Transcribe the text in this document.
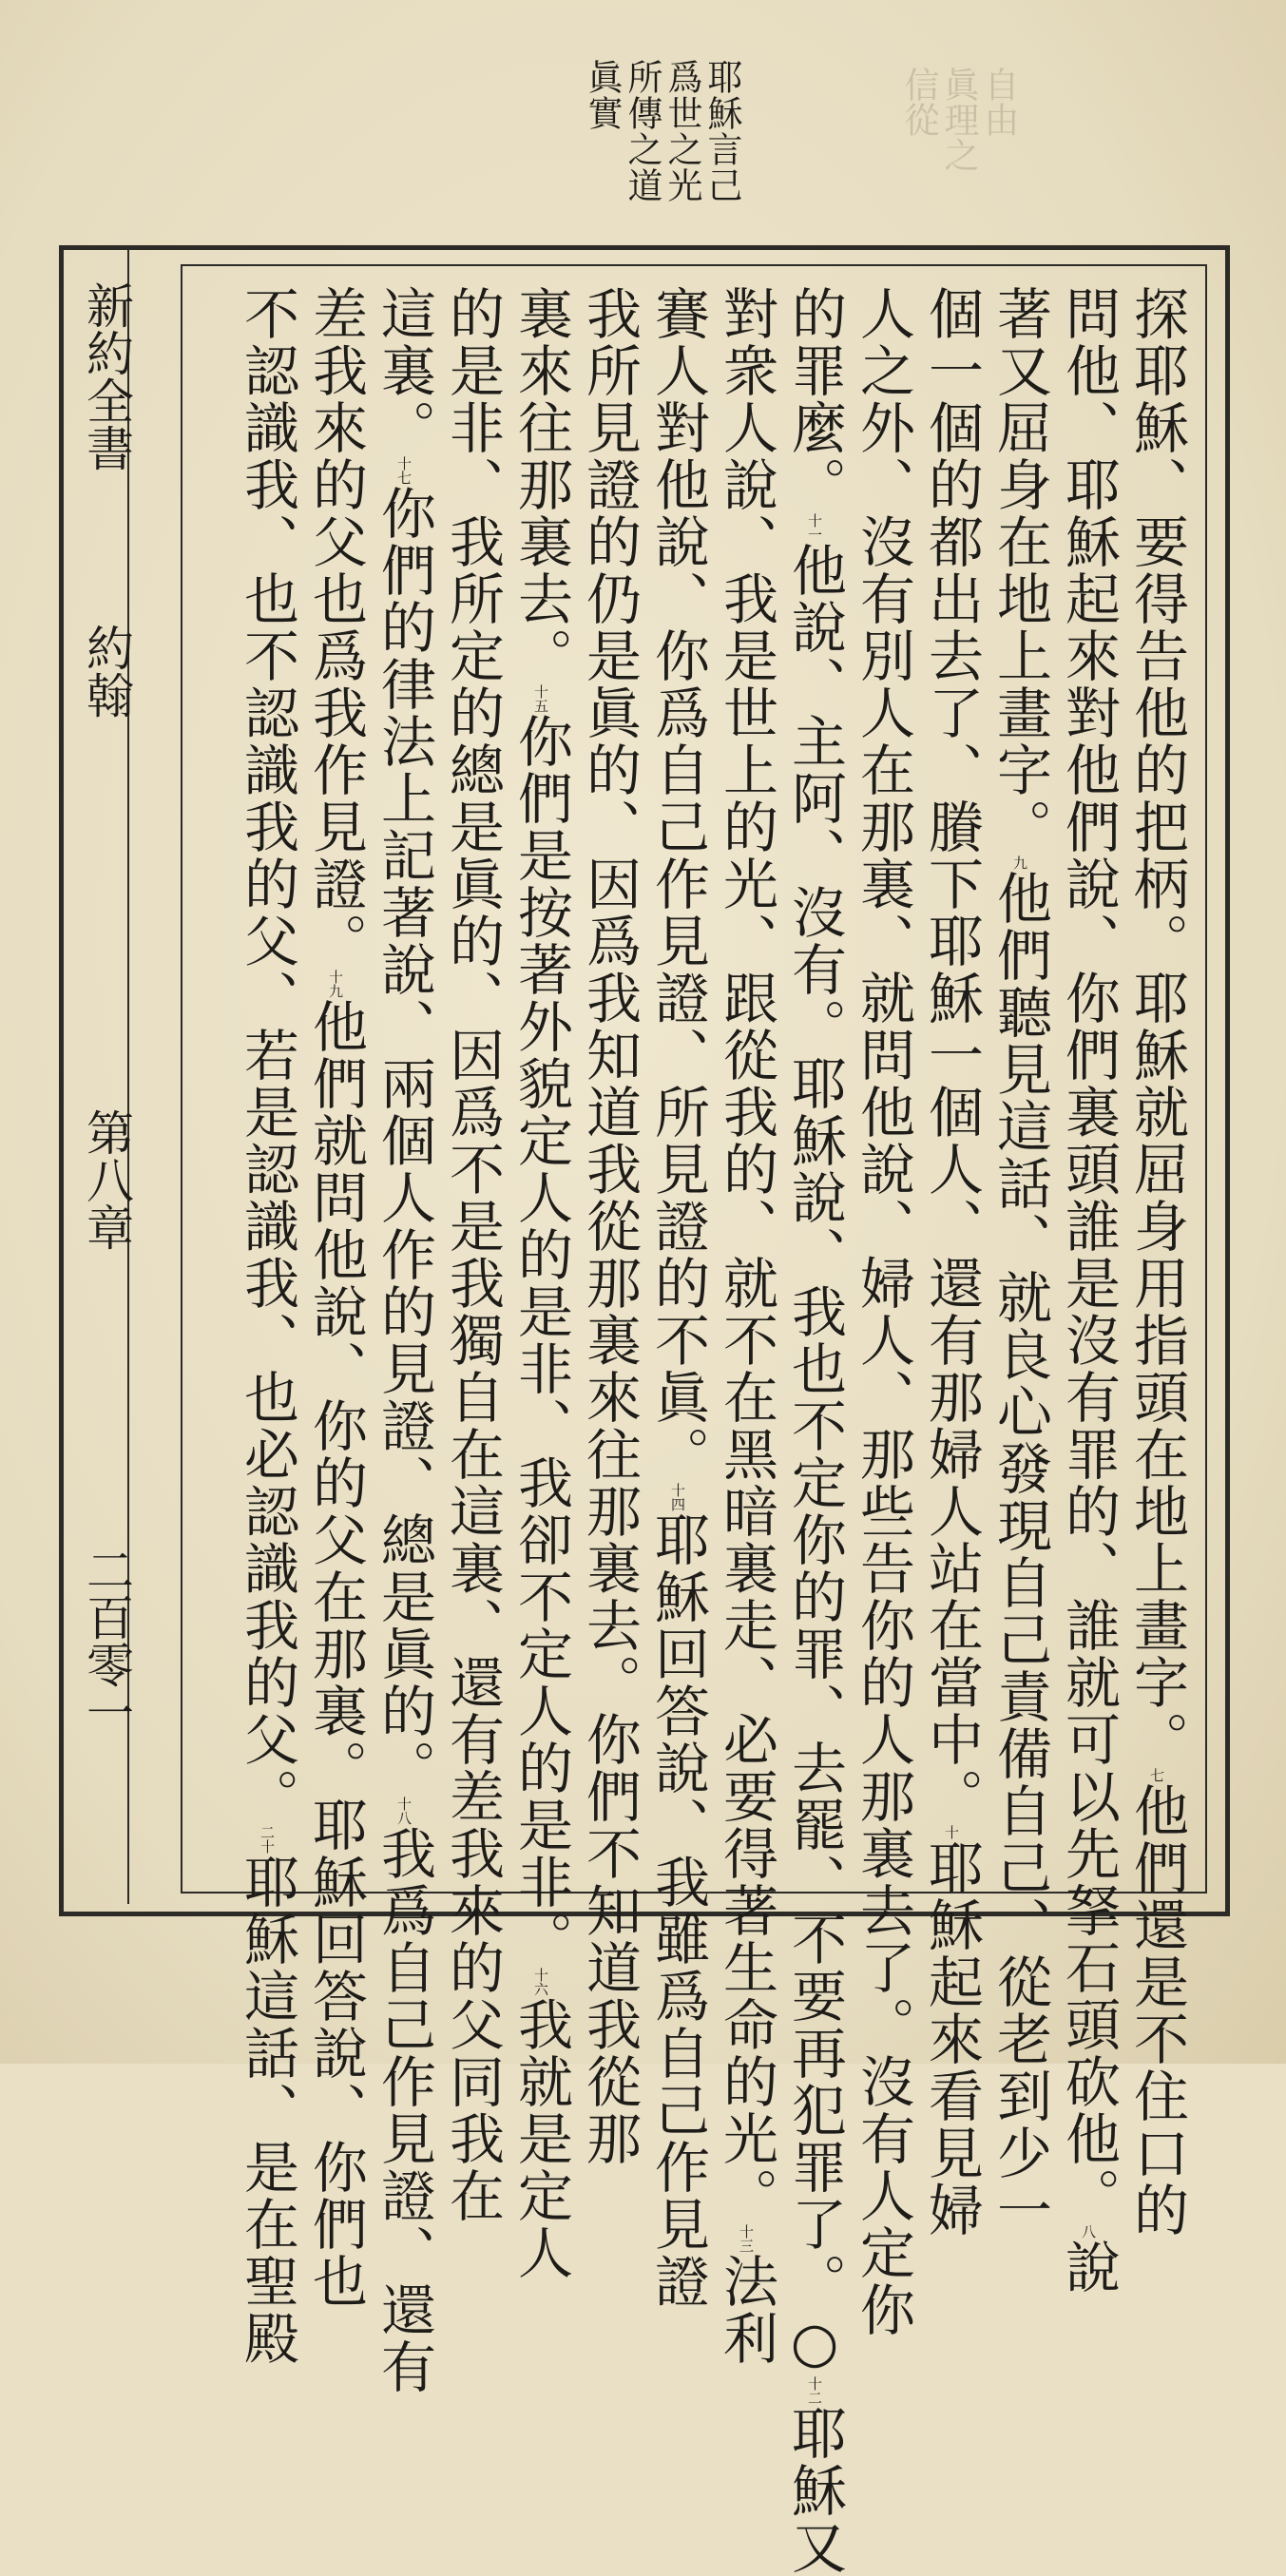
自由
眞理之
信從
耶穌言己
爲世之光
所傳之道
眞實
新約全書
約翰
第八章
二百零一	探耶穌、要得告他的把柄。耶穌就屈身用指頭在地上畫字。七他們還是不住口的
問他、耶穌起來對他們說、你們裏頭誰是沒有罪的、誰就可以先拏石頭砍他。八說
著又屈身在地上畫字。九他們聽見這話、就良心發現自己責備自己、從老到少一
個一個的都出去了、賸下耶穌一個人、還有那婦人站在當中。十耶穌起來看見婦
人之外、沒有別人在那裏、就問他說、婦人、那些告你的人那裏去了。沒有人定你
的罪麼。十一他說、主阿、沒有。耶穌說、我也不定你的罪、去罷、不要再犯罪了。○十二耶穌又
對衆人說、我是世上的光、跟從我的、就不在黑暗裏走、必要得著生命的光。十三法利
賽人對他說、你爲自己作見證、所見證的不眞。十四耶穌回答說、我雖爲自己作見證
我所見證的仍是眞的、因爲我知道我從那裏來往那裏去。你們不知道我從那
裏來往那裏去。十五你們是按著外貌定人的是非、我卻不定人的是非。十六我就是定人
的是非、我所定的總是眞的、因爲不是我獨自在這裏、還有差我來的父同我在
這裏。十七你們的律法上記著說、兩個人作的見證、總是眞的。十八我爲自己作見證、還有
差我來的父也爲我作見證。十九他們就問他說、你的父在那裏。耶穌回答說、你們也
不認識我、也不認識我的父、若是認識我、也必認識我的父。二十耶穌這話、是在聖殿
